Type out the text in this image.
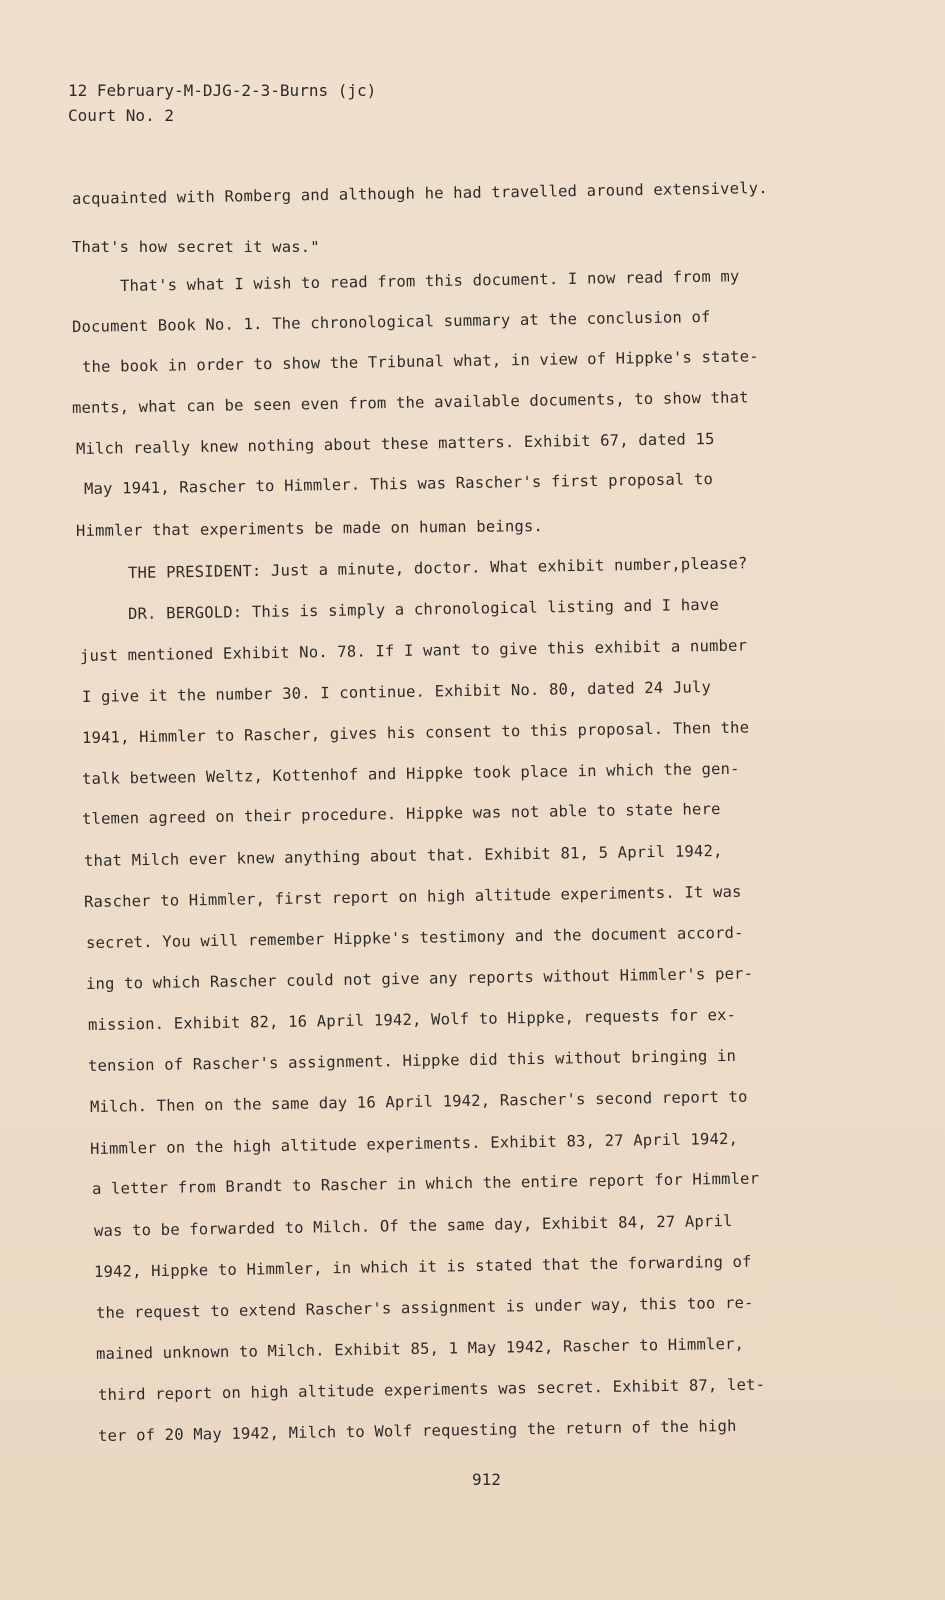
12 February-M-DJG-2-3-Burns (jc)
Court No. 2
acquainted with Romberg and although he had travelled around extensively.
That's how secret it was."
That's what I wish to read from this document. I now read from my
Document Book No. 1. The chronological summary at the conclusion of
the book in order to show the Tribunal what, in view of Hippke's state-
ments, what can be seen even from the available documents, to show that
Milch really knew nothing about these matters. Exhibit 67, dated 15
May 1941, Rascher to Himmler. This was Rascher's first proposal to
Himmler that experiments be made on human beings.
THE PRESIDENT: Just a minute, doctor. What exhibit number,please?
DR. BERGOLD: This is simply a chronological listing and I have
just mentioned Exhibit No. 78. If I want to give this exhibit a number
I give it the number 30. I continue. Exhibit No. 80, dated 24 July
1941, Himmler to Rascher, gives his consent to this proposal. Then the
talk between Weltz, Kottenhof and Hippke took place in which the gen-
tlemen agreed on their procedure. Hippke was not able to state here
that Milch ever knew anything about that. Exhibit 81, 5 April 1942,
Rascher to Himmler, first report on high altitude experiments. It was
secret. You will remember Hippke's testimony and the document accord-
ing to which Rascher could not give any reports without Himmler's per-
mission. Exhibit 82, 16 April 1942, Wolf to Hippke, requests for ex-
tension of Rascher's assignment. Hippke did this without bringing in
Milch. Then on the same day 16 April 1942, Rascher's second report to
Himmler on the high altitude experiments. Exhibit 83, 27 April 1942,
a letter from Brandt to Rascher in which the entire report for Himmler
was to be forwarded to Milch. Of the same day, Exhibit 84, 27 April
1942, Hippke to Himmler, in which it is stated that the forwarding of
the request to extend Rascher's assignment is under way, this too re-
mained unknown to Milch. Exhibit 85, 1 May 1942, Rascher to Himmler,
third report on high altitude experiments was secret. Exhibit 87, let-
ter of 20 May 1942, Milch to Wolf requesting the return of the high
912
